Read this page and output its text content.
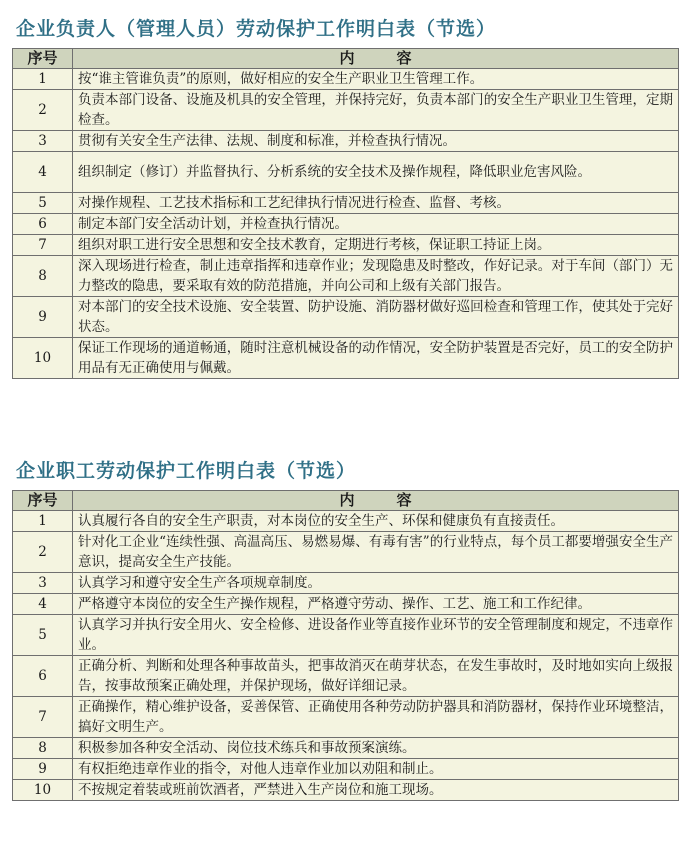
企业负责人（管理人员）劳动保护工作明白表（节选）
序号	内容
1	按“谁主管谁负责”的原则，做好相应的安全生产职业卫生管理工作。
2	负责本部门设备、设施及机具的安全管理，并保持完好，负责本部门的安全生产职业卫生管理，定期检查。
3	贯彻有关安全生产法律、法规、制度和标准，并检查执行情况。
4	组织制定（修订）并监督执行、分析系统的安全技术及操作规程，降低职业危害风险。
5	对操作规程、工艺技术指标和工艺纪律执行情况进行检查、监督、考核。
6	制定本部门安全活动计划，并检查执行情况。
7	组织对职工进行安全思想和安全技术教育，定期进行考核，保证职工持证上岗。
8	深入现场进行检查，制止违章指挥和违章作业；发现隐患及时整改，作好记录。对于车间（部门）无力整改的隐患，要采取有效的防范措施，并向公司和上级有关部门报告。
9	对本部门的安全技术设施、安全装置、防护设施、消防器材做好巡回检查和管理工作，使其处于完好状态。
10	保证工作现场的通道畅通，随时注意机械设备的动作情况，安全防护装置是否完好，员工的安全防护用品有无正确使用与佩戴。
企业职工劳动保护工作明白表（节选）
序号	内容
1	认真履行各自的安全生产职责，对本岗位的安全生产、环保和健康负有直接责任。
2	针对化工企业“连续性强、高温高压、易燃易爆、有毒有害”的行业特点，每个员工都要增强安全生产意识，提高安全生产技能。
3	认真学习和遵守安全生产各项规章制度。
4	严格遵守本岗位的安全生产操作规程，严格遵守劳动、操作、工艺、施工和工作纪律。
5	认真学习并执行安全用火、安全检修、进设备作业等直接作业环节的安全管理制度和规定，不违章作业。
6	正确分析、判断和处理各种事故苗头，把事故消灭在萌芽状态，在发生事故时，及时地如实向上级报告，按事故预案正确处理，并保护现场，做好详细记录。
7	正确操作，精心维护设备，妥善保管、正确使用各种劳动防护器具和消防器材，保持作业环境整洁，搞好文明生产。
8	积极参加各种安全活动、岗位技术练兵和事故预案演练。
9	有权拒绝违章作业的指令，对他人违章作业加以劝阻和制止。
10	不按规定着装或班前饮酒者，严禁进入生产岗位和施工现场。
